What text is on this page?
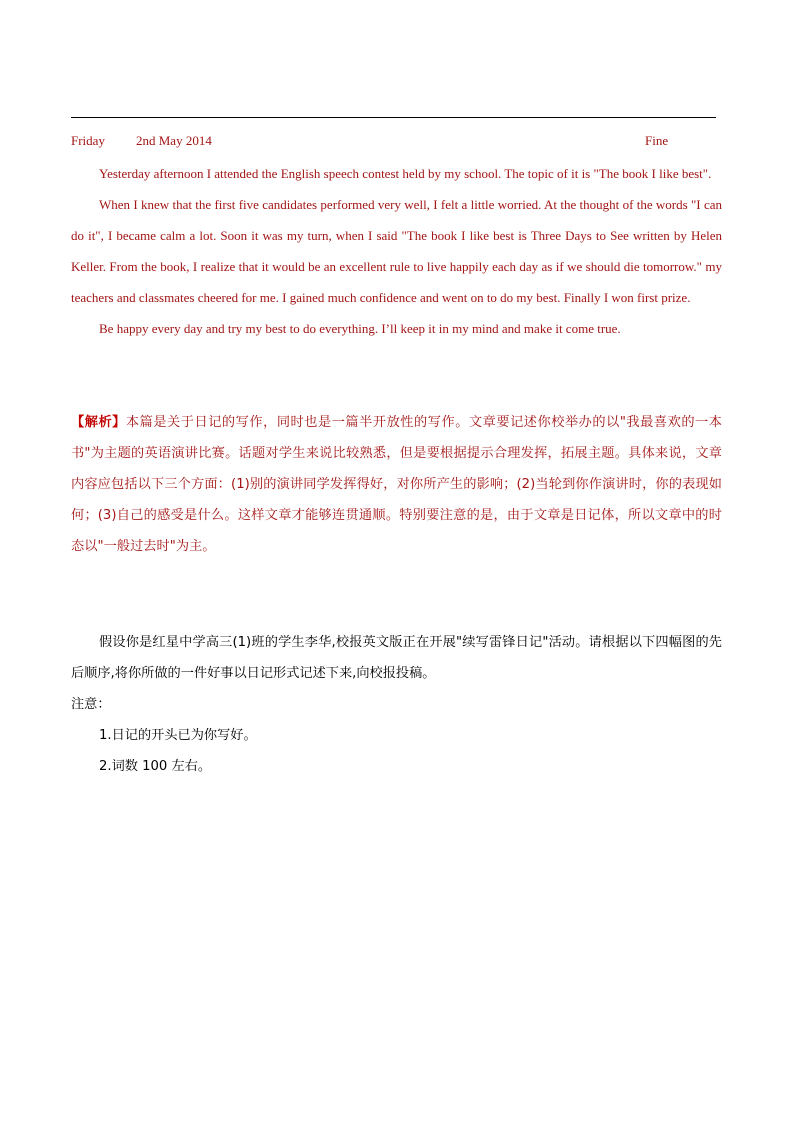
Friday 2nd May 2014	Fine

Yesterday afternoon I attended the English speech contest held by my school. The topic of it is "The book I like best".

When I knew that the first five candidates performed very well, I felt a little worried. At the thought of the words "I can do it", I became calm a lot. Soon it was my turn, when I said "The book I like best is Three Days to See written by Helen Keller. From the book, I realize that it would be an excellent rule to live happily each day as if we should die tomorrow." my teachers and classmates cheered for me. I gained much confidence and went on to do my best. Finally I won first prize.

Be happy every day and try my best to do everything. I’ll keep it in my mind and make it come true.

【解析】本篇是关于日记的写作，同时也是一篇半开放性的写作。文章要记述你校举办的以"我最喜欢的一本书"为主题的英语演讲比赛。话题对学生来说比较熟悉，但是要根据提示合理发挥，拓展主题。具体来说，文章内容应包括以下三个方面：(1)别的演讲同学发挥得好，对你所产生的影响；(2)当轮到你作演讲时，你的表现如何；(3)自己的感受是什么。这样文章才能够连贯通顺。特别要注意的是，由于文章是日记体，所以文章中的时态以"一般过去时"为主。

假设你是红星中学高三(1)班的学生李华,校报英文版正在开展"续写雷锋日记"活动。请根据以下四幅图的先后顺序,将你所做的一件好事以日记形式记述下来,向校报投稿。

注意：

1.日记的开头已为你写好。

2.词数 100 左右。
